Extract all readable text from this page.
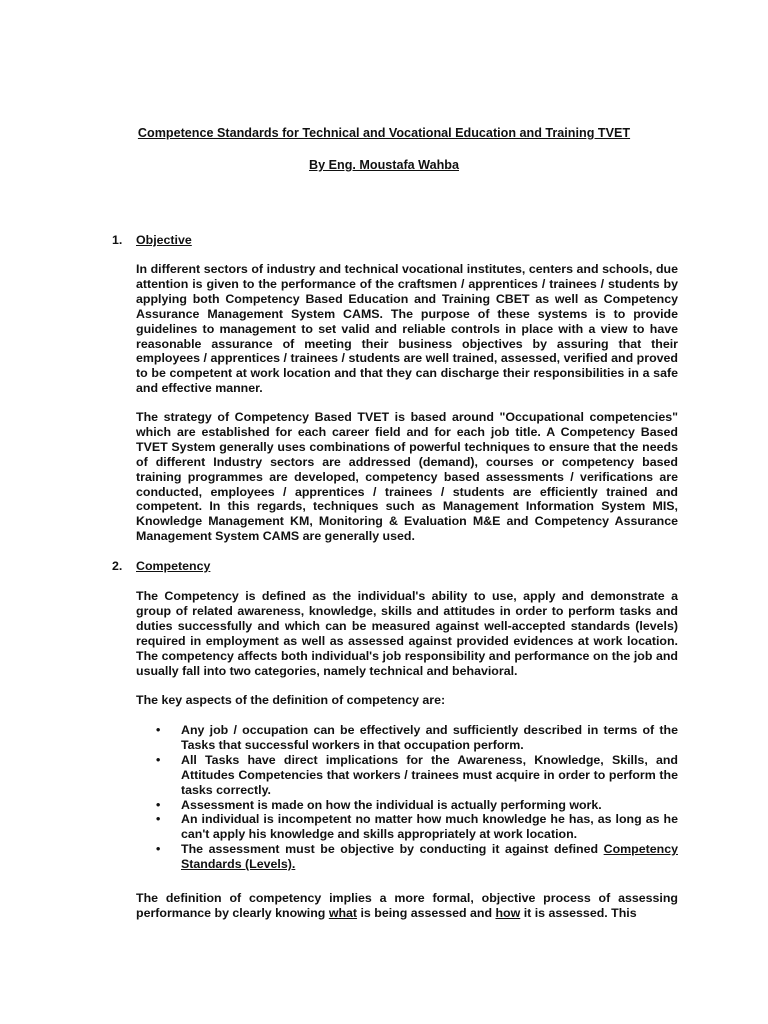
Competence Standards for Technical and Vocational Education and Training TVET
By Eng. Moustafa Wahba
1. Objective

In different sectors of industry and technical vocational institutes, centers and schools, due attention is given to the performance of the craftsmen / apprentices / trainees / students by applying both Competency Based Education and Training CBET as well as Competency Assurance Management System CAMS. The purpose of these systems is to provide guidelines to management to set valid and reliable controls in place with a view to have reasonable assurance of meeting their business objectives by assuring that their employees / apprentices / trainees / students are well trained, assessed, verified and proved to be competent at work location and that they can discharge their responsibilities in a safe and effective manner.

The strategy of Competency Based TVET is based around "Occupational competencies" which are established for each career field and for each job title. A Competency Based TVET System generally uses combinations of powerful techniques to ensure that the needs of different Industry sectors are addressed (demand), courses or competency based training programmes are developed, competency based assessments / verifications are conducted, employees / apprentices / trainees / students are efficiently trained and competent. In this regards, techniques such as Management Information System MIS, Knowledge Management KM, Monitoring & Evaluation M&E and Competency Assurance Management System CAMS are generally used.

2. Competency

The Competency is defined as the individual's ability to use, apply and demonstrate a group of related awareness, knowledge, skills and attitudes in order to perform tasks and duties successfully and which can be measured against well-accepted standards (levels) required in employment as well as assessed against provided evidences at work location. The competency affects both individual's job responsibility and performance on the job and usually fall into two categories, namely technical and behavioral.

The key aspects of the definition of competency are:

• Any job / occupation can be effectively and sufficiently described in terms of the Tasks that successful workers in that occupation perform.
• All Tasks have direct implications for the Awareness, Knowledge, Skills, and Attitudes Competencies that workers / trainees must acquire in order to perform the tasks correctly.
• Assessment is made on how the individual is actually performing work.
• An individual is incompetent no matter how much knowledge he has, as long as he can't apply his knowledge and skills appropriately at work location.
• The assessment must be objective by conducting it against defined Competency Standards (Levels).

The definition of competency implies a more formal, objective process of assessing performance by clearly knowing what is being assessed and how it is assessed. This
